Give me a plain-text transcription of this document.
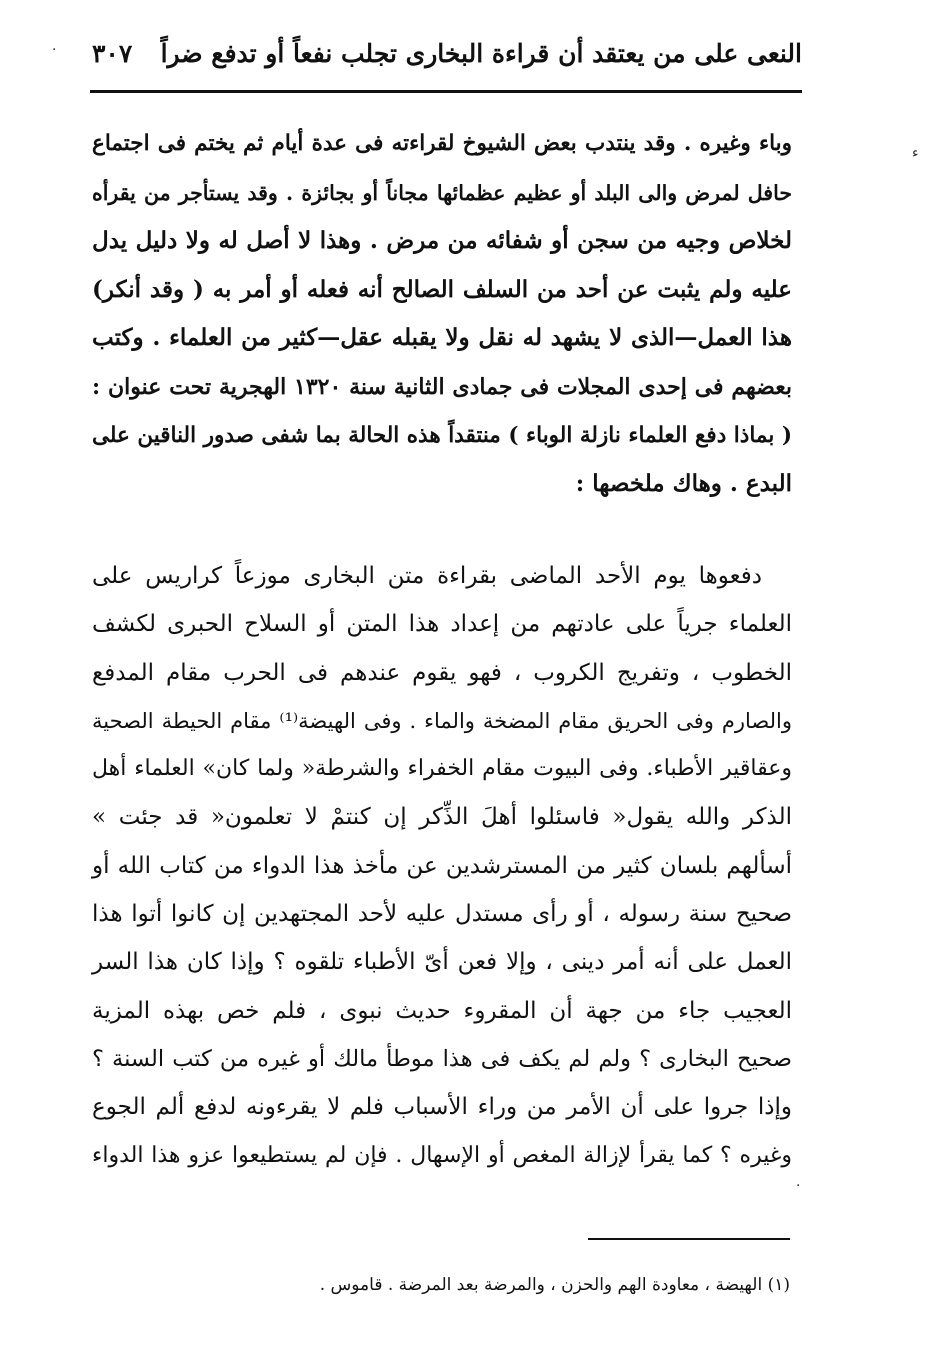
النعى على من يعتقد أن قراءة البخارى تجلب نفعاً أو تدفع ضراً
٣٠٧
وباء وغيره . وقد ينتدب بعض الشيوخ لقراءته فى عدة أيام ثم يختم فى اجتماع
حافل لمرض والى البلد أو عظيم عظمائها مجاناً أو بجائزة . وقد يستأجر من يقرأه
لخلاص وجيه من سجن أو شفائه من مرض . وهذا لا أصل له ولا دليل يدل
عليه ولم يثبت عن أحد من السلف الصالح أنه فعله أو أمر به ( وقد أنكر)
هذا العمل—الذى لا يشهد له نقل ولا يقبله عقل—كثير من العلماء . وكتب
بعضهم فى إحدى المجلات فى جمادى الثانية سنة ١٣٢٠ الهجرية تحت عنوان :
( بماذا دفع العلماء نازلة الوباء ) منتقداً هذه الحالة بما شفى صدور الناقين على
البدع . وهاك ملخصها :
دفعوها يوم الأحد الماضى بقراءة متن البخارى موزعاً كراريس على
العلماء جرياً على عادتهم من إعداد هذا المتن أو السلاح الحبرى لكشف
الخطوب ، وتفريج الكروب ، فهو يقوم عندهم فى الحرب مقام المدفع
والصارم وفى الحريق مقام المضخة والماء . وفى الهيضة⁽¹⁾ مقام الحيطة الصحية
وعقاقير الأطباء. وفى البيوت مقام الخفراء والشرطة« ولما كان» العلماء أهل
الذكر والله يقول« فاسئلوا أهلَ الذِّكر إن كنتمْ لا تعلمون« قد جئت »
أسألهم بلسان كثير من المسترشدين عن مأخذ هذا الدواء من كتاب الله أو
صحيح سنة رسوله ، أو رأى مستدل عليه لأحد المجتهدين إن كانوا أتوا هذا
العمل على أنه أمر دينى ، وإلا فعن أىّ الأطباء تلقوه ؟ وإذا كان هذا السر
العجيب جاء من جهة أن المقروء حديث نبوى ، فلم خص بهذه المزية
صحيح البخارى ؟ ولم لم يكف فى هذا موطأ مالك أو غيره من كتب السنة ؟
وإذا جروا على أن الأمر من وراء الأسباب فلم لا يقرءونه لدفع ألم الجوع
وغيره ؟ كما يقرأ لإزالة المغص أو الإسهال . فإن لم يستطيعوا عزو هذا الدواء
(١) الهيضة ، معاودة الهم والحزن ، والمرضة بعد المرضة . قاموس .
·
ء
·
